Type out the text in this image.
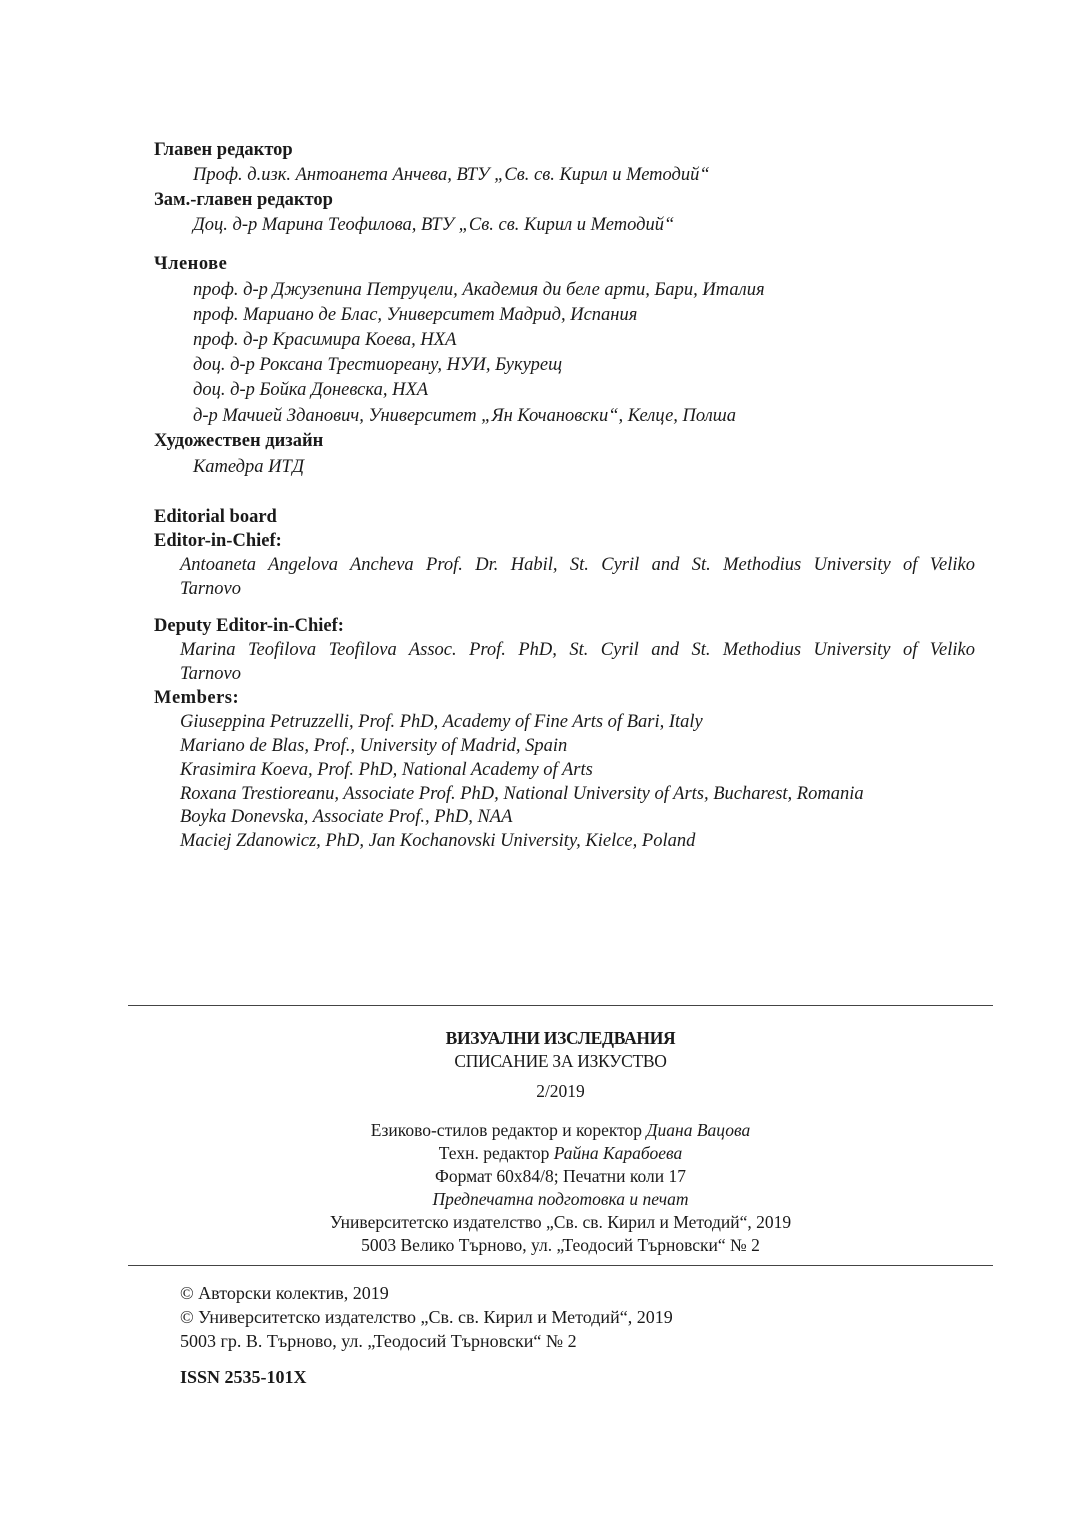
Главен редактор
Проф. д.изк. Антоанета Анчева, ВТУ „Св. св. Кирил и Методий“
Зам.-главен редактор
Доц. д-р Марина Теофилова, ВТУ „Св. св. Кирил и Методий“
Членове
проф. д-р Джузепина Петруцели, Академия ди беле арти, Бари, Италия
проф. Мариано де Блас, Университет Мадрид, Испания
проф. д-р Красимира Коева, НХА
доц. д-р Роксана Трестиореану, НУИ, Букурещ
доц. д-р Бойка Доневска, НХА
д-р Мачией Зданович, Университет „Ян Кочановски“, Келце, Полша
Художествен дизайн
Катедра ИТД
Editorial board
Editor-in-Chief:
Antoaneta Angelova Ancheva Prof. Dr. Habil, St. Cyril and St. Methodius University of Veliko
Tarnovo
Deputy Editor-in-Chief:
Marina Teofilova Teofilova Assoc. Prof. PhD, St. Cyril and St. Methodius University of Veliko
Tarnovo
Members:
Giuseppina Petruzzelli, Prof. PhD, Academy of Fine Arts of Bari, Italy
Mariano de Blas, Prof., University of Madrid, Spain
Krasimira Koeva, Prof. PhD, National Academy of Arts
Roxana Trestioreanu, Associate Prof. PhD, National University of Arts, Bucharest, Romania
Boyka Donevska, Associate Prof., PhD, NAA
Maciej Zdanowicz, PhD, Jan Kochanovski University, Kielce, Poland
ВИЗУАЛНИ ИЗСЛЕДВАНИЯ
СПИСАНИЕ ЗА ИЗКУСТВО
2/2019
Езиково-стилов редактор и коректор Диана Вацова
Техн. редактор Райна Карабоева
Формат 60х84/8; Печатни коли 17
Предпечатна подготовка и печат
Университетско издателство „Св. св. Кирил и Методий“, 2019
5003 Велико Търново, ул. „Теодосий Търновски“ № 2
© Авторски колектив, 2019
© Университетско издателство „Св. св. Кирил и Методий“, 2019
5003 гр. В. Търново, ул. „Теодосий Търновски“ № 2
ISSN 2535-101X
